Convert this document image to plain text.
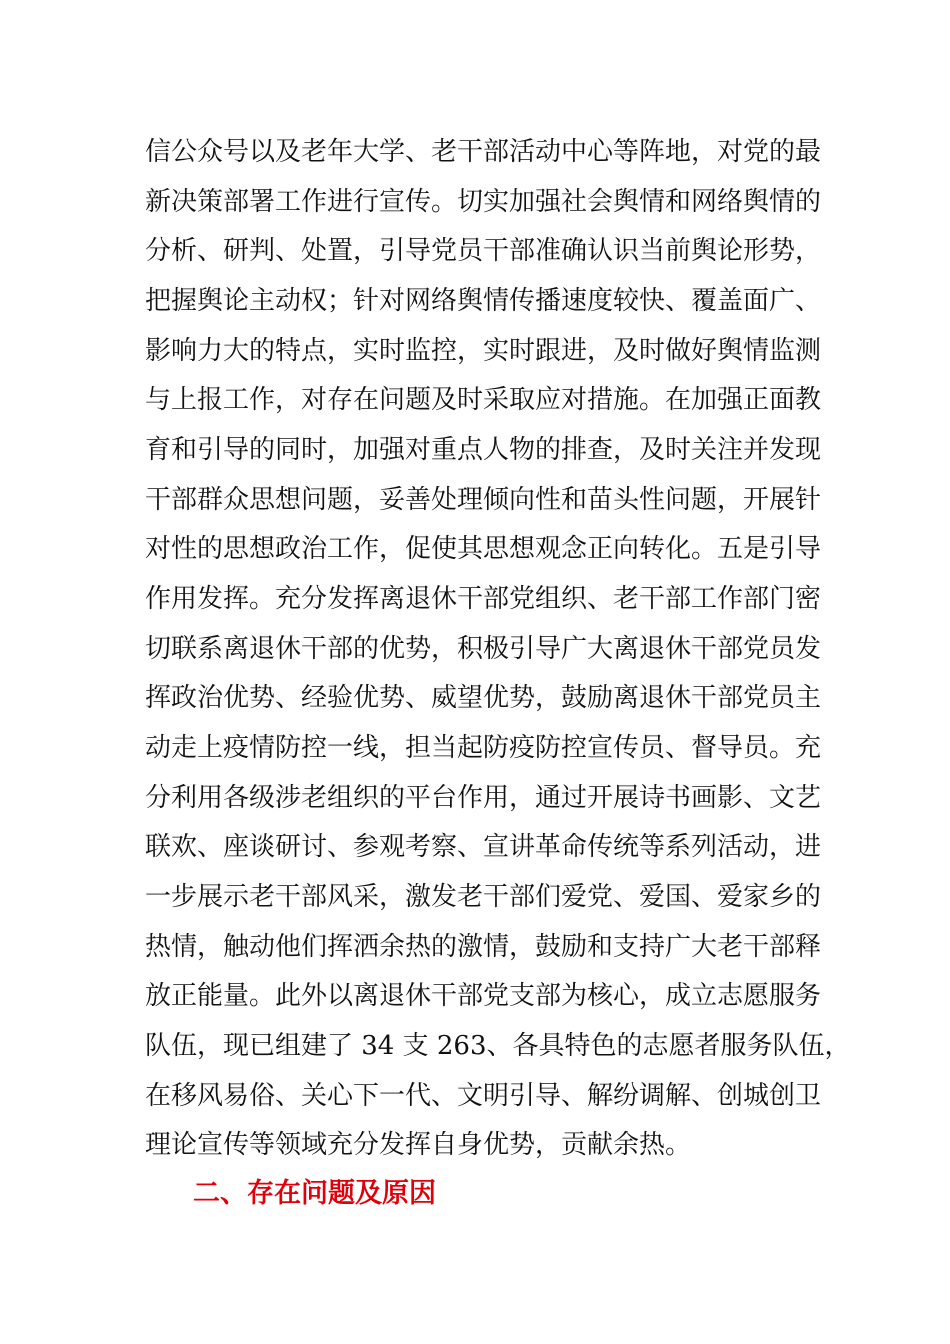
信公众号以及老年大学、老干部活动中心等阵地，对党的最
新决策部署工作进行宣传。切实加强社会舆情和网络舆情的
分析、研判、处置，引导党员干部准确认识当前舆论形势，
把握舆论主动权；针对网络舆情传播速度较快、覆盖面广、
影响力大的特点，实时监控，实时跟进，及时做好舆情监测
与上报工作，对存在问题及时采取应对措施。在加强正面教
育和引导的同时，加强对重点人物的排查，及时关注并发现
干部群众思想问题，妥善处理倾向性和苗头性问题，开展针
对性的思想政治工作，促使其思想观念正向转化。五是引导
作用发挥。充分发挥离退休干部党组织、老干部工作部门密
切联系离退休干部的优势，积极引导广大离退休干部党员发
挥政治优势、经验优势、威望优势，鼓励离退休干部党员主
动走上疫情防控一线，担当起防疫防控宣传员、督导员。充
分利用各级涉老组织的平台作用，通过开展诗书画影、文艺
联欢、座谈研讨、参观考察、宣讲革命传统等系列活动，进
一步展示老干部风采，激发老干部们爱党、爱国、爱家乡的
热情，触动他们挥洒余热的激情，鼓励和支持广大老干部释
放正能量。此外以离退休干部党支部为核心，成立志愿服务
队伍，现已组建了 34 支 263、各具特色的志愿者服务队伍，
在移风易俗、关心下一代、文明引导、解纷调解、创城创卫
理论宣传等领域充分发挥自身优势，贡献余热。
二、存在问题及原因
